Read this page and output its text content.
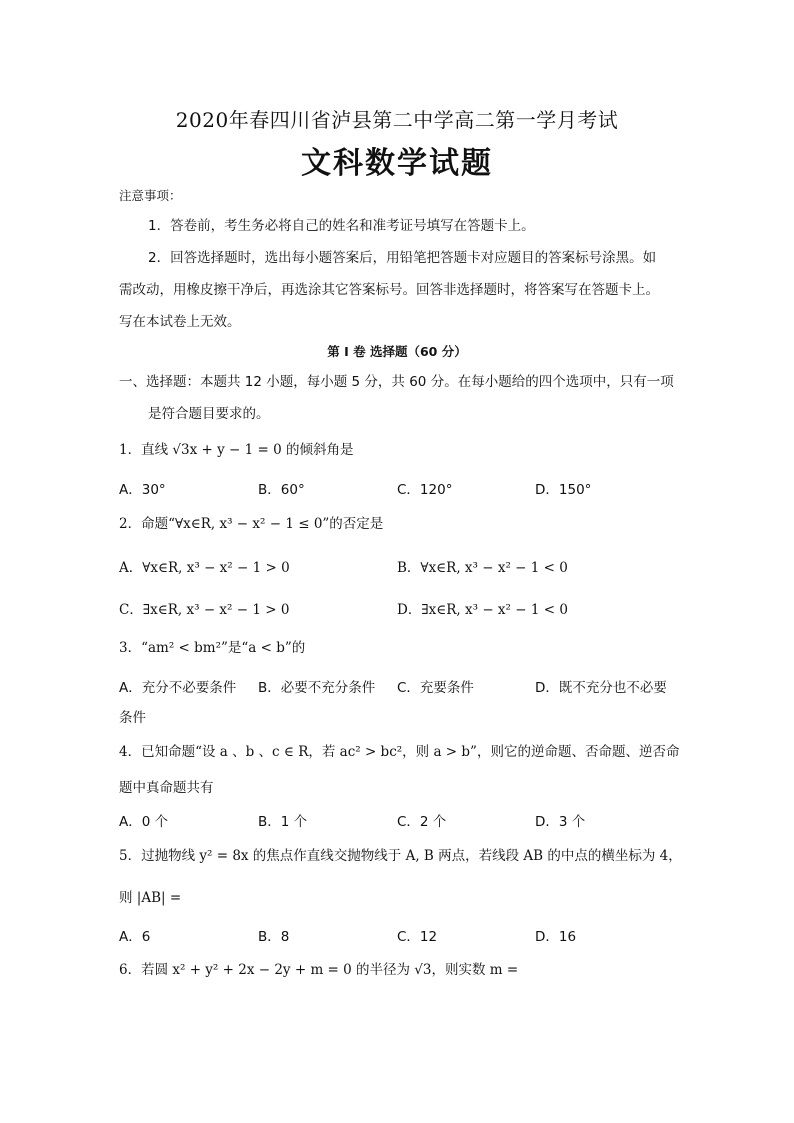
2020年春四川省泸县第二中学高二第一学月考试
文科数学试题
注意事项：
1．答卷前，考生务必将自己的姓名和准考证号填写在答题卡上。
2．回答选择题时，选出每小题答案后，用铅笔把答题卡对应题目的答案标号涂黑。如
需改动，用橡皮擦干净后，再选涂其它答案标号。回答非选择题时，将答案写在答题卡上。
写在本试卷上无效。
第 I 卷 选择题（60 分）
一、选择题：本题共 12 小题，每小题 5 分，共 60 分。在每小题给的四个选项中，只有一项
是符合题目要求的。
1．直线 √3x + y − 1 = 0 的倾斜角是
A．30°	B．60°	C．120°	D．150°
2．命题“∀x∈R, x³ − x² − 1 ≤ 0”的否定是
A．∀x∈R, x³ − x² − 1 > 0	B．∀x∈R, x³ − x² − 1 < 0
C．∃x∈R, x³ − x² − 1 > 0	D．∃x∈R, x³ − x² − 1 < 0
3．“am² < bm²”是“a < b”的
A．充分不必要条件 B．必要不充分条件 C．充要条件	D．既不充分也不必要
条件
4．已知命题“设 a 、b 、c ∈ R，若 ac² > bc²，则 a > b”，则它的逆命题、否命题、逆否命
题中真命题共有
A．0 个	B．1 个	C．2 个	D．3 个
5．过抛物线 y² = 8x 的焦点作直线交抛物线于 A, B 两点，若线段 AB 的中点的横坐标为 4，
则 |AB| =
A．6	B．8	C．12	D．16
6．若圆 x² + y² + 2x − 2y + m = 0 的半径为 √3，则实数 m =
